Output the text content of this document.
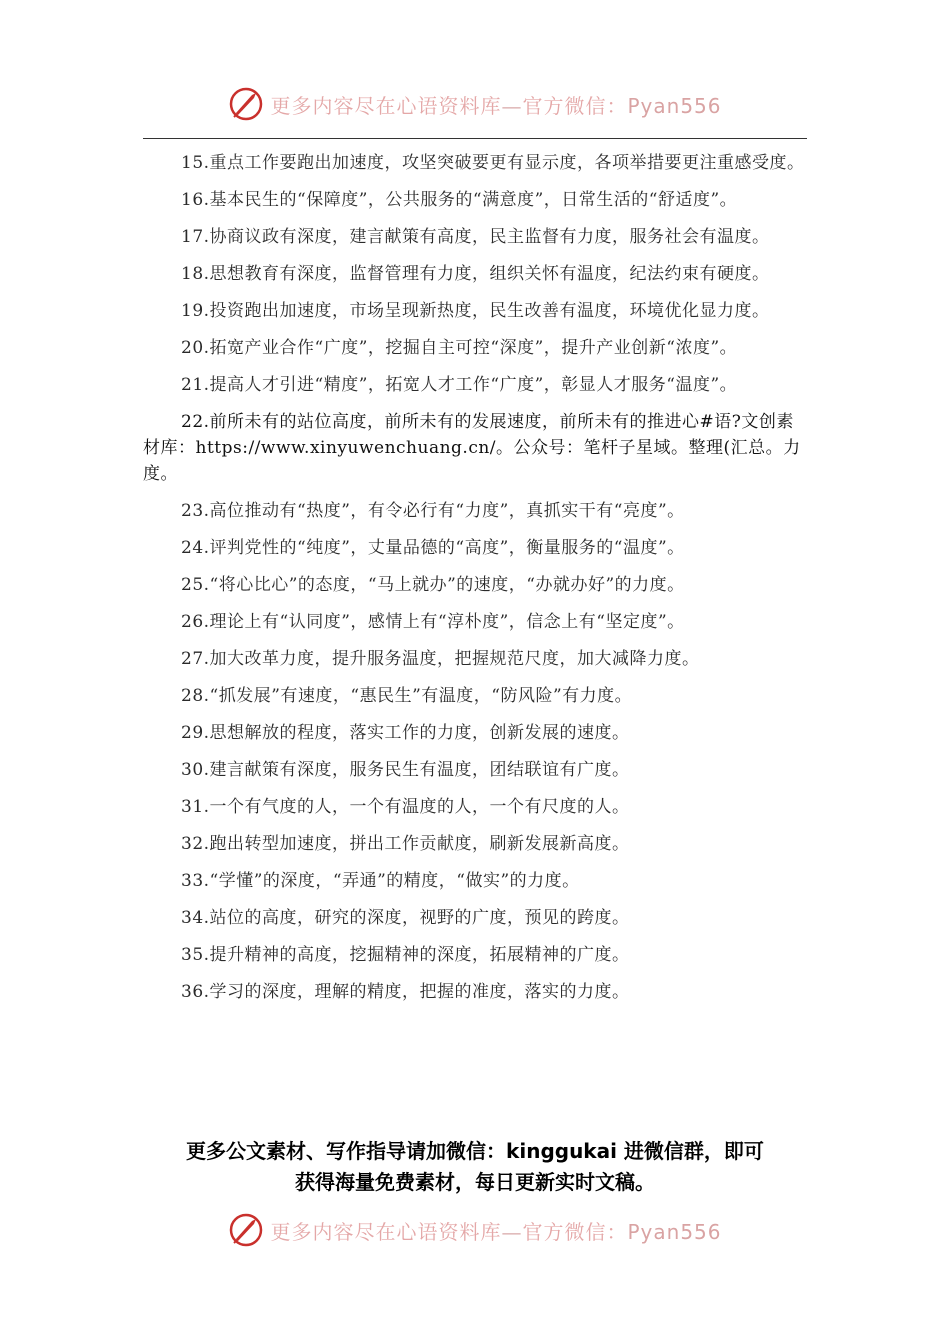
更多内容尽在心语资料库—官方微信：Pyan556

15.重点工作要跑出加速度，攻坚突破要更有显示度，各项举措要更注重感受度。

16.基本民生的“保障度”，公共服务的“满意度”，日常生活的“舒适度”。

17.协商议政有深度，建言献策有高度，民主监督有力度，服务社会有温度。

18.思想教育有深度，监督管理有力度，组织关怀有温度，纪法约束有硬度。

19.投资跑出加速度，市场呈现新热度，民生改善有温度，环境优化显力度。

20.拓宽产业合作“广度”，挖掘自主可控“深度”，提升产业创新“浓度”。

21.提高人才引进“精度”，拓宽人才工作“广度”，彰显人才服务“温度”。

22.前所未有的站位高度，前所未有的发展速度，前所未有的推进心#语?文创素材库：https://www.xinyuwenchuang.cn/。公众号：笔杆子星域。整理(汇总。力度。

23.高位推动有“热度”，有令必行有“力度”，真抓实干有“亮度”。

24.评判党性的“纯度”，丈量品德的“高度”，衡量服务的“温度”。

25.“将心比心”的态度，“马上就办”的速度，“办就办好”的力度。

26.理论上有“认同度”，感情上有“淳朴度”，信念上有“坚定度”。

27.加大改革力度，提升服务温度，把握规范尺度，加大减降力度。

28.“抓发展”有速度，“惠民生”有温度，“防风险”有力度。

29.思想解放的程度，落实工作的力度，创新发展的速度。

30.建言献策有深度，服务民生有温度，团结联谊有广度。

31.一个有气度的人，一个有温度的人，一个有尺度的人。

32.跑出转型加速度，拼出工作贡献度，刷新发展新高度。

33.“学懂”的深度，“弄通”的精度，“做实”的力度。

34.站位的高度，研究的深度，视野的广度，预见的跨度。

35.提升精神的高度，挖掘精神的深度，拓展精神的广度。

36.学习的深度，理解的精度，把握的准度，落实的力度。

更多公文素材、写作指导请加微信：kinggukai 进微信群，即可
获得海量免费素材，每日更新实时文稿。
更多内容尽在心语资料库—官方微信：Pyan556
